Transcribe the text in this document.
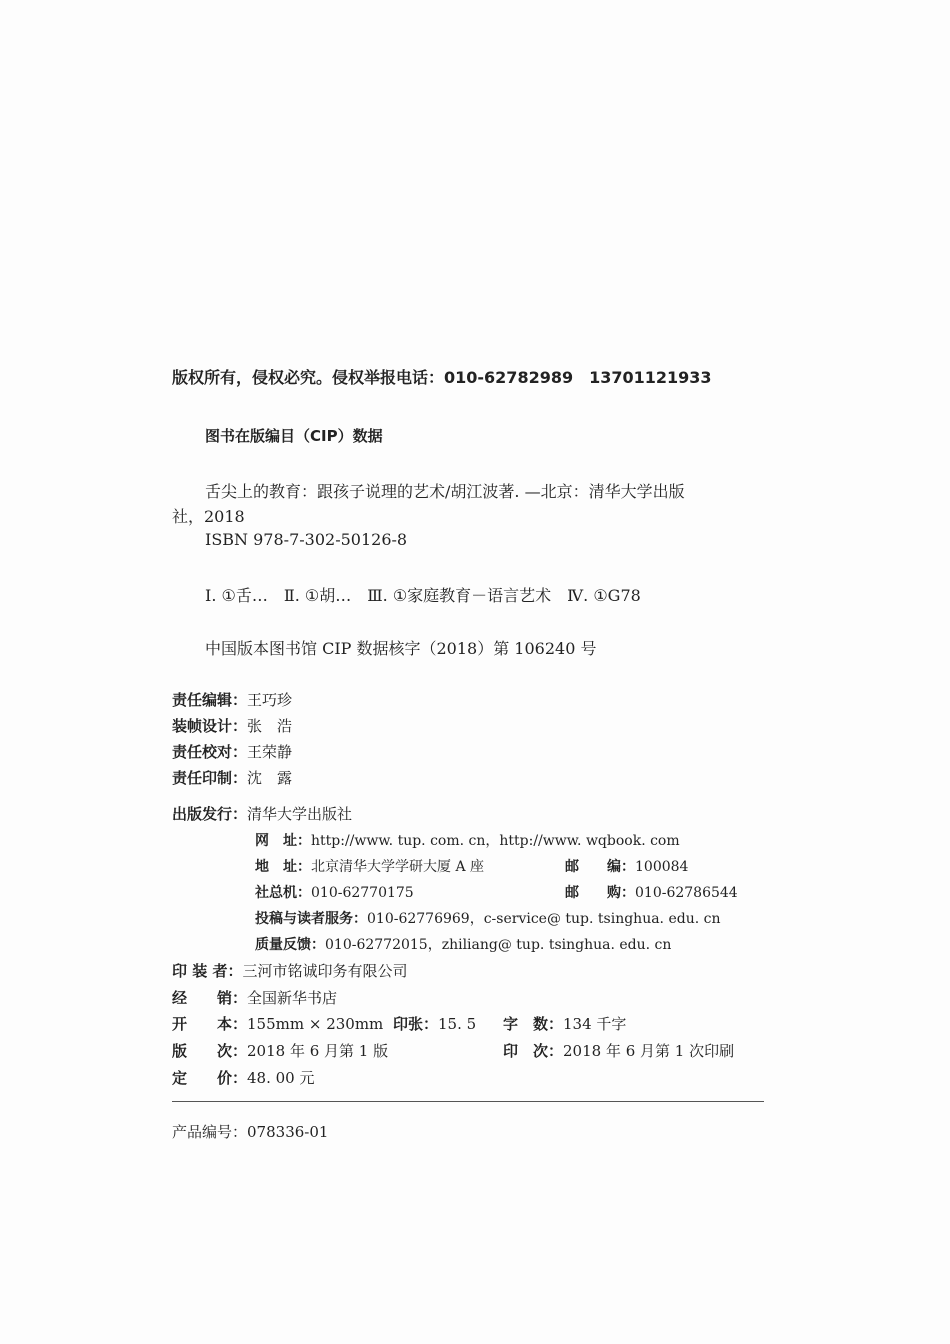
版权所有，侵权必究。侵权举报电话：010-62782989　13701121933
图书在版编目（CIP）数据
舌尖上的教育：跟孩子说理的艺术/胡江波著. —北京：清华大学出版
社，2018
ISBN 978-7-302-50126-8
Ⅰ. ①舌…　Ⅱ. ①胡…　Ⅲ. ①家庭教育－语言艺术　Ⅳ. ①G78
中国版本图书馆 CIP 数据核字（2018）第 106240 号
责任编辑：王巧珍
装帧设计：张　浩
责任校对：王荣静
责任印制：沈　露
出版发行：清华大学出版社
网　址：http://www. tup. com. cn，http://www. wqbook. com
地　址：北京清华大学学研大厦 A 座	邮　　编：100084
社总机：010-62770175	邮　　购：010-62786544
投稿与读者服务：010-62776969，c-service@ tup. tsinghua. edu. cn
质量反馈：010-62772015，zhiliang@ tup. tsinghua. edu. cn
印 装 者：三河市铭诚印务有限公司
经　　销：全国新华书店
开　　本：155mm × 230mm 印张：15. 5 字　数：134 千字
版　　次：2018 年 6 月第 1 版	印　次：2018 年 6 月第 1 次印刷
定　　价：48. 00 元
产品编号：078336-01
